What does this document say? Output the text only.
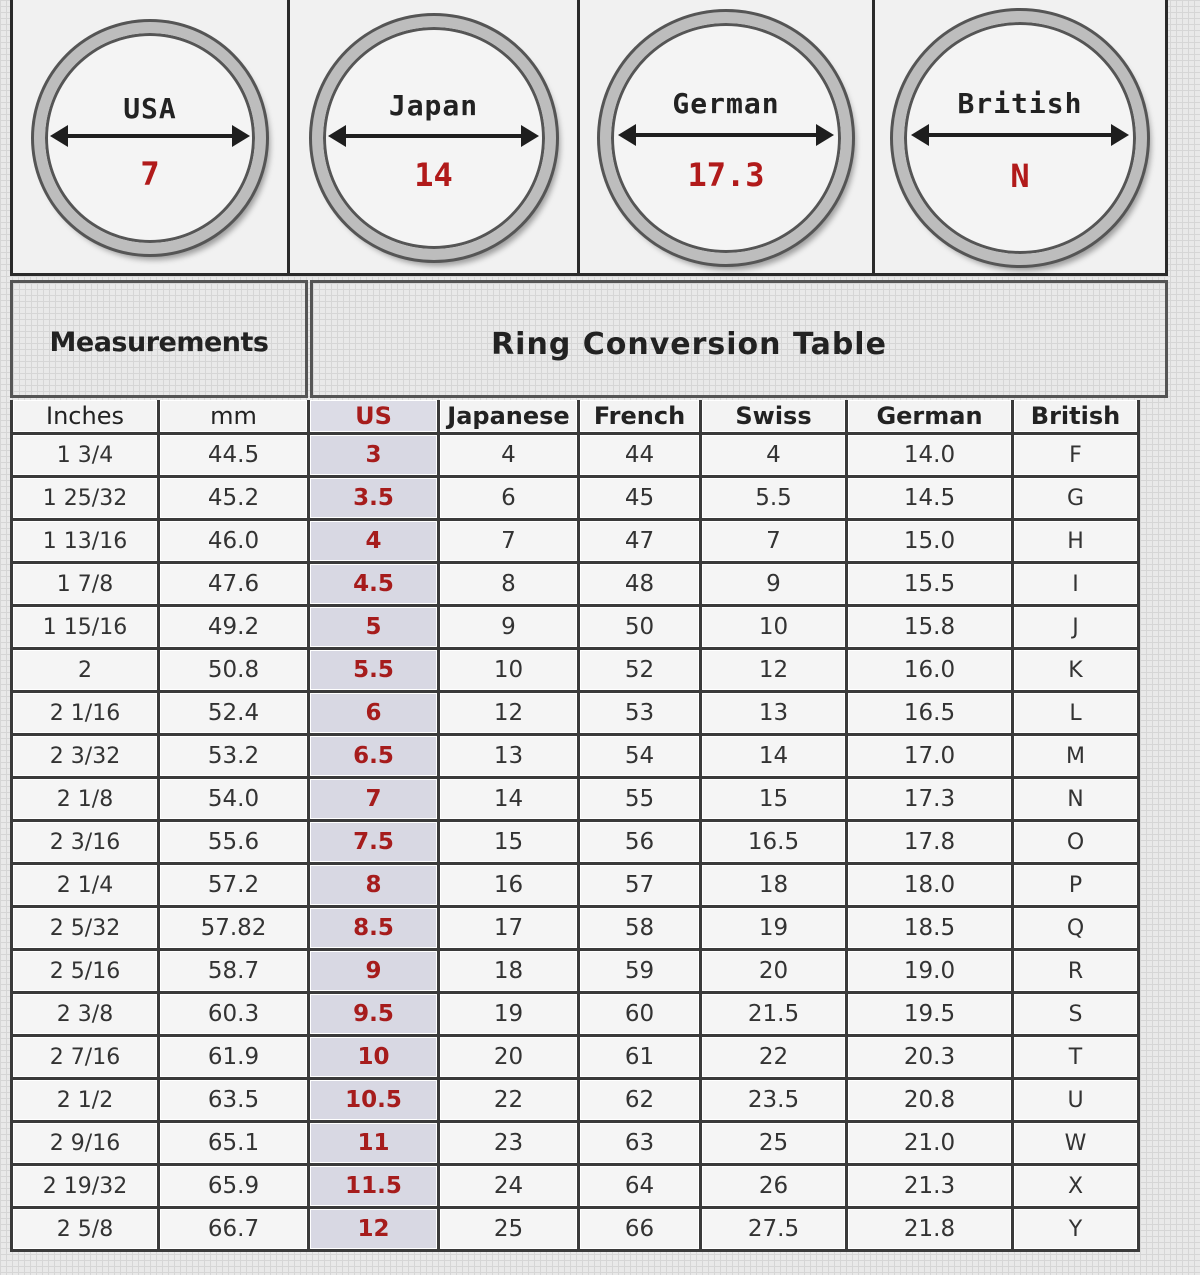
USA
7
Japan
14
German
17.3
British
N
Measurements	Ring Conversion Table
Inches	mm	US	Japanese	French	Swiss	German	British
1 3/4	44.5	3	4	44	4	14.0	F
1 25/32	45.2	3.5	6	45	5.5	14.5	G
1 13/16	46.0	4	7	47	7	15.0	H
1 7/8	47.6	4.5	8	48	9	15.5	I
1 15/16	49.2	5	9	50	10	15.8	J
2	50.8	5.5	10	52	12	16.0	K
2 1/16	52.4	6	12	53	13	16.5	L
2 3/32	53.2	6.5	13	54	14	17.0	M
2 1/8	54.0	7	14	55	15	17.3	N
2 3/16	55.6	7.5	15	56	16.5	17.8	O
2 1/4	57.2	8	16	57	18	18.0	P
2 5/32	57.82	8.5	17	58	19	18.5	Q
2 5/16	58.7	9	18	59	20	19.0	R
2 3/8	60.3	9.5	19	60	21.5	19.5	S
2 7/16	61.9	10	20	61	22	20.3	T
2 1/2	63.5	10.5	22	62	23.5	20.8	U
2 9/16	65.1	11	23	63	25	21.0	W
2 19/32	65.9	11.5	24	64	26	21.3	X
2 5/8	66.7	12	25	66	27.5	21.8	Y
